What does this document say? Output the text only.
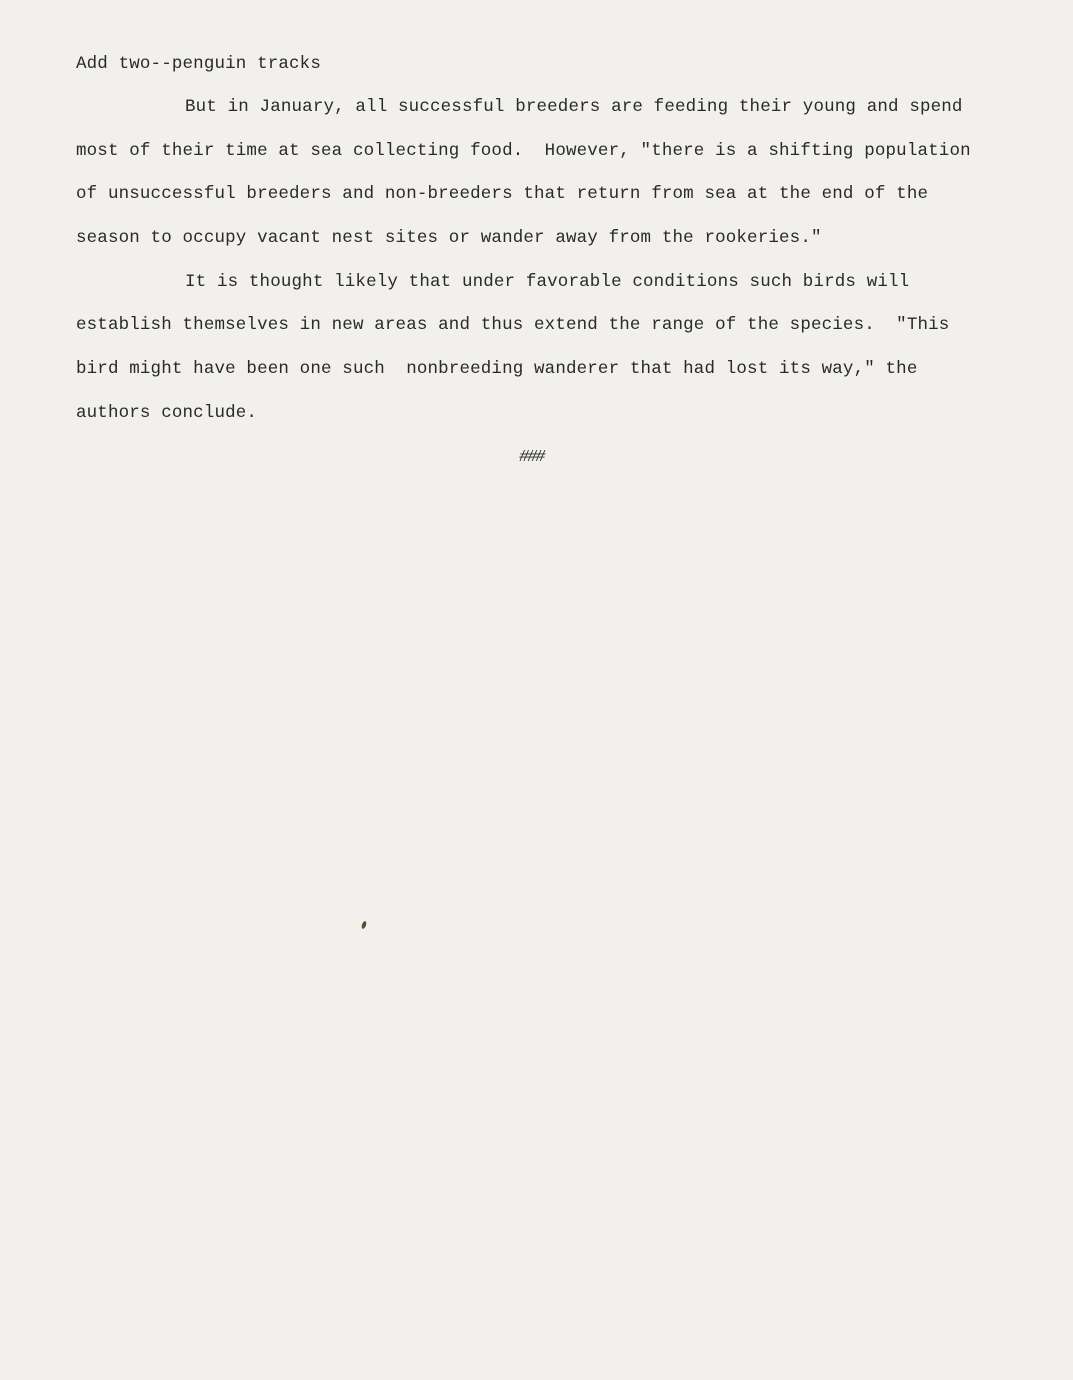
Add two--penguin tracks
But in January, all successful breeders are feeding their young and spend
most of their time at sea collecting food.  However, "there is a shifting population
of unsuccessful breeders and non-breeders that return from sea at the end of the
season to occupy vacant nest sites or wander away from the rookeries."
It is thought likely that under favorable conditions such birds will
establish themselves in new areas and thus extend the range of the species.  "This
bird might have been one such  nonbreeding wanderer that had lost its way," the
authors conclude.
###
